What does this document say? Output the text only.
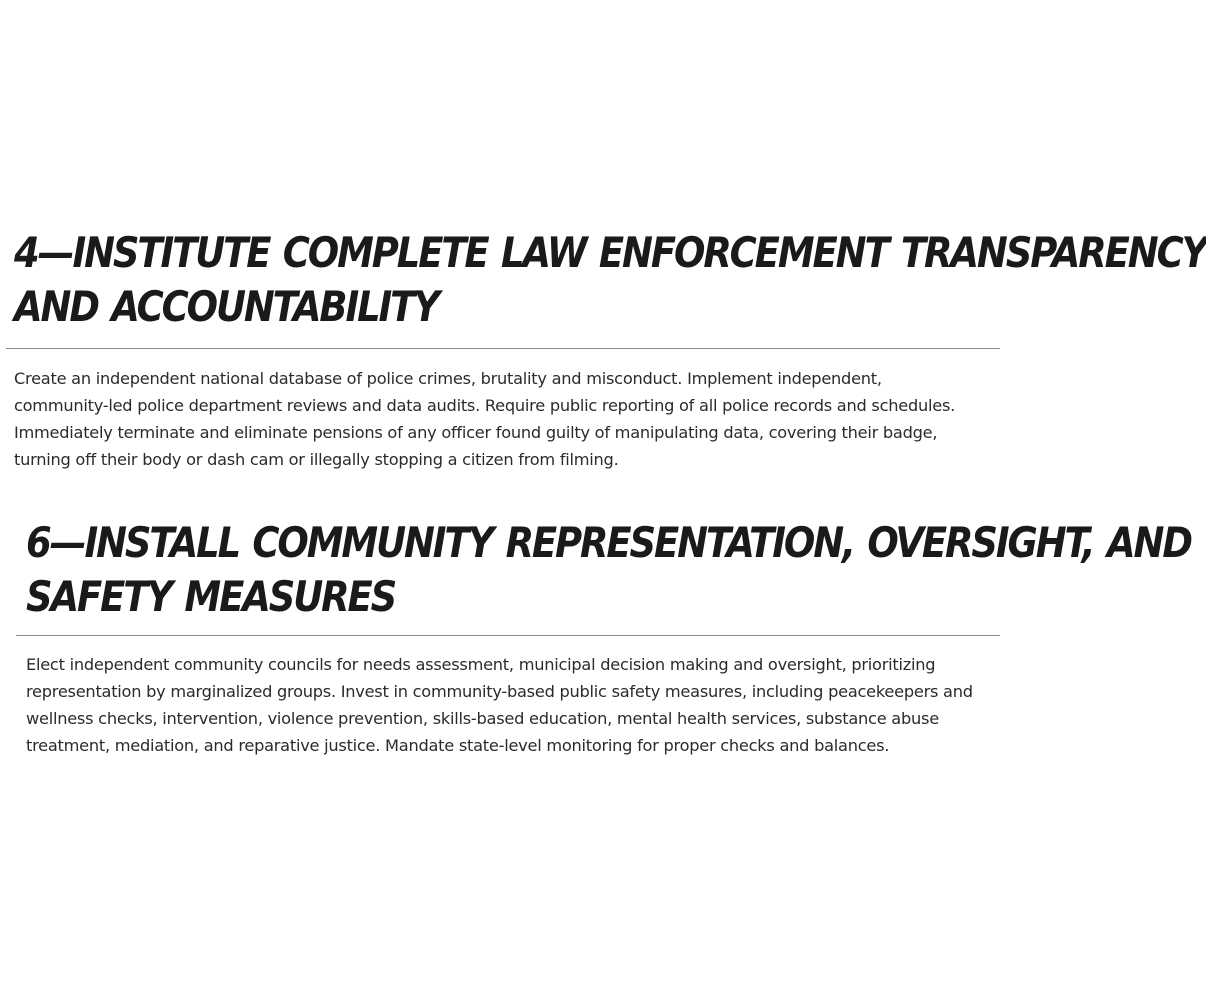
4—INSTITUTE COMPLETE LAW ENFORCEMENT TRANSPARENCY
AND ACCOUNTABILITY

Create an independent national database of police crimes, brutality and misconduct. Implement independent,
community-led police department reviews and data audits. Require public reporting of all police records and schedules.
Immediately terminate and eliminate pensions of any officer found guilty of manipulating data, covering their badge,
turning off their body or dash cam or illegally stopping a citizen from filming.

6—INSTALL COMMUNITY REPRESENTATION, OVERSIGHT, AND
SAFETY MEASURES

Elect independent community councils for needs assessment, municipal decision making and oversight, prioritizing
representation by marginalized groups. Invest in community-based public safety measures, including peacekeepers and
wellness checks, intervention, violence prevention, skills-based education, mental health services, substance abuse
treatment, mediation, and reparative justice. Mandate state-level monitoring for proper checks and balances.
